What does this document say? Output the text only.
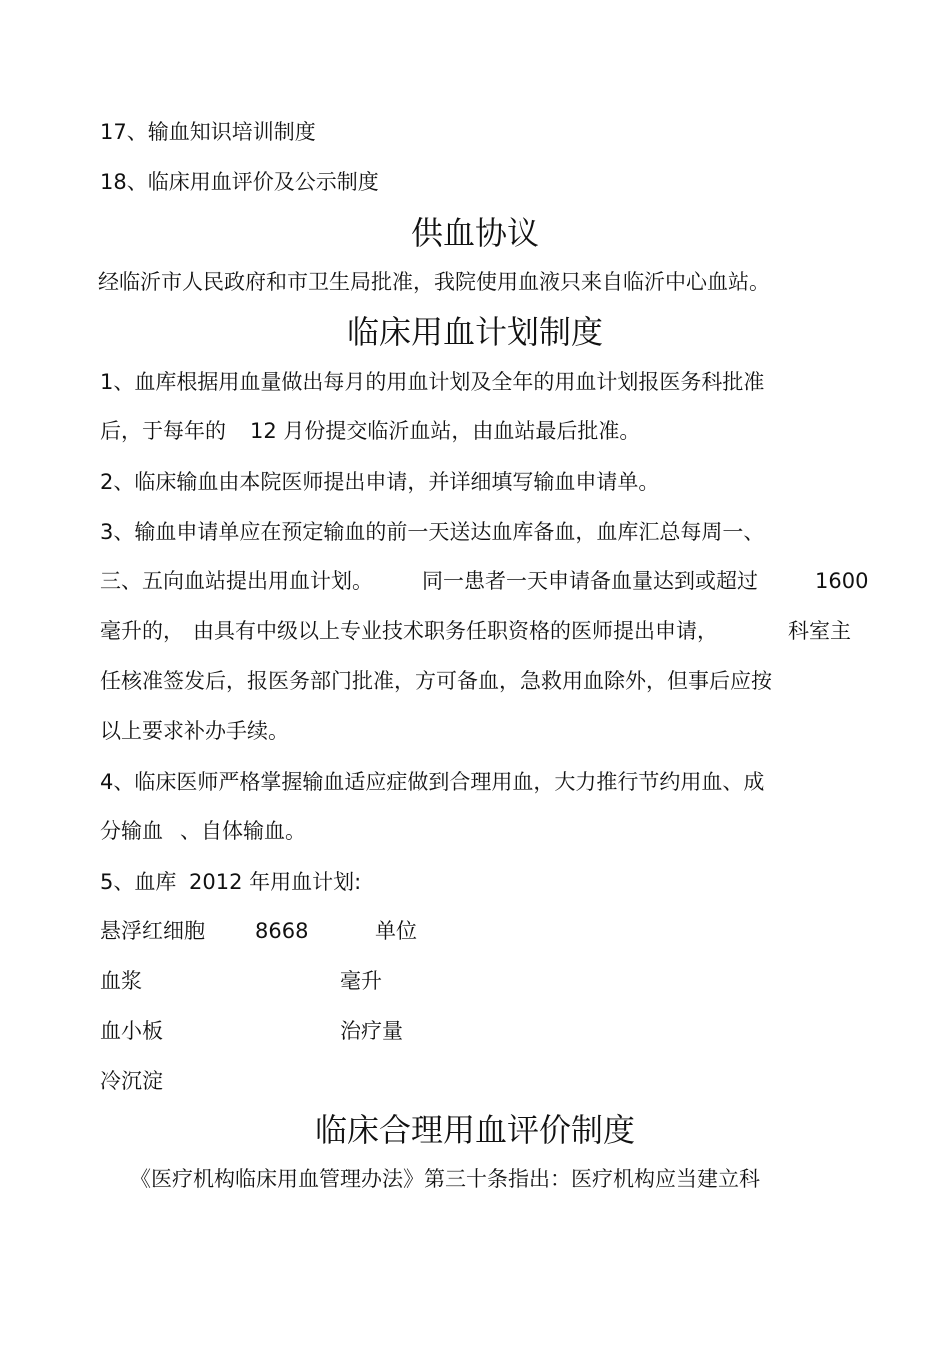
17、输血知识培训制度
18、临床用血评价及公示制度
供血协议
经临沂市人民政府和市卫生局批准，我院使用血液只来自临沂中心血站。
临床用血计划制度
1、血库根据用血量做出每月的用血计划及全年的用血计划报医务科批准
后，于每年的 12 月份提交临沂血站，由血站最后批准。
2、临床输血由本院医师提出申请，并详细填写输血申请单。
3、输血申请单应在预定输血的前一天送达血库备血，血库汇总每周一、
三、五向血站提出用血计划。 同一患者一天申请备血量达到或超过	1600
毫升的， 由具有中级以上专业技术职务任职资格的医师提出申请，	科室主
任核准签发后，报医务部门批准，方可备血，急救用血除外，但事后应按
以上要求补办手续。
4、临床医师严格掌握输血适应症做到合理用血，大力推行节约用血、成
分输血 、自体输血。
5、血库 2012 年用血计划:
悬浮红细胞 8668	单位
血浆	毫升
血小板	治疗量
冷沉淀
临床合理用血评价制度
《医疗机构临床用血管理办法》第三十条指出：医疗机构应当建立科
